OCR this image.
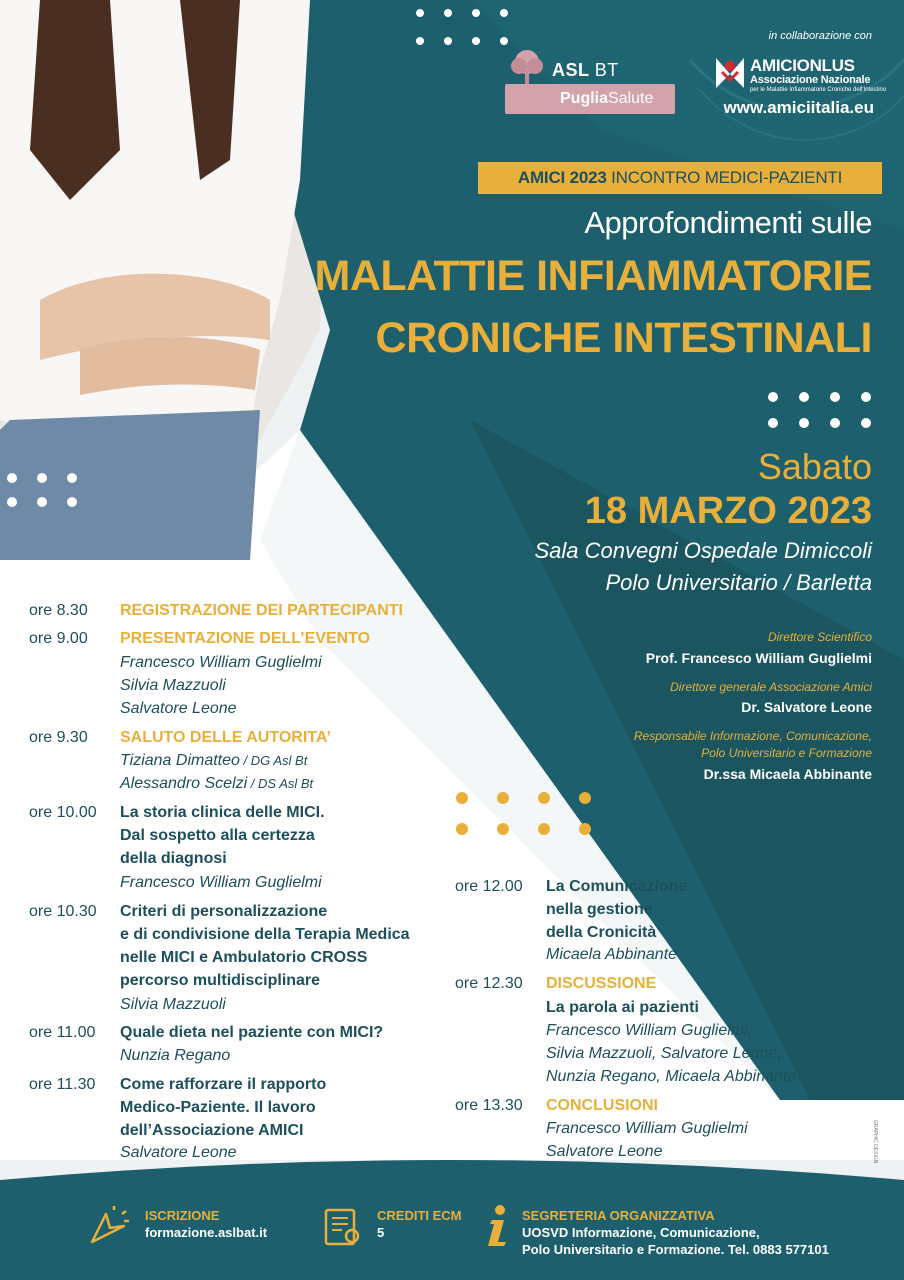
in collaborazione con
ASL BT
PugliaSalute
AMICIONLUS
Associazione Nazionale
per le Malattie Infiammatorie Croniche dell'Intestino
www.amiciitalia.eu
AMICI 2023 INCONTRO MEDICI-PAZIENTI
Approfondimenti sulle
MALATTIE INFIAMMATORIE
CRONICHE INTESTINALI
Sabato
18 MARZO 2023
Sala Convegni Ospedale Dimiccoli
Polo Universitario / Barletta
Direttore Scientifico
Prof. Francesco William Guglielmi
Direttore generale Associazione Amici
Dr. Salvatore Leone
Responsabile Informazione, Comunicazione,
Polo Universitario e Formazione
Dr.ssa Micaela Abbinante
ore 8.30 REGISTRAZIONE DEI PARTECIPANTI
ore 9.00 PRESENTAZIONE DELL’EVENTO
Francesco William Guglielmi
Silvia Mazzuoli
Salvatore Leone
ore 9.30 SALUTO DELLE AUTORITA’
Tiziana Dimatteo / DG Asl Bt
Alessandro Scelzi / DS Asl Bt
ore 10.00 La storia clinica delle MICI.
Dal sospetto alla certezza
della diagnosi
Francesco William Guglielmi
ore 10.30 Criteri di personalizzazione
e di condivisione della Terapia Medica
nelle MICI e Ambulatorio CROSS
percorso multidisciplinare
Silvia Mazzuoli
ore 11.00 Quale dieta nel paziente con MICI?
Nunzia Regano
ore 11.30 Come rafforzare il rapporto
Medico-Paziente. Il lavoro
dell’Associazione AMICI
Salvatore Leone
ore 12.00 La Comunicazione
nella gestione
della Cronicità
Micaela Abbinante
ore 12.30 DISCUSSIONE
La parola ai pazienti
Francesco William Guglielmi,
Silvia Mazzuoli, Salvatore Leone,
Nunzia Regano, Micaela Abbinante
ore 13.30 CONCLUSIONI
Francesco William Guglielmi
Salvatore Leone	GRAPHIC DESIGN
ISCRIZIONE
formazione.aslbat.it
CREDITI ECM
5
SEGRETERIA ORGANIZZATIVA
UOSVD Informazione, Comunicazione,
Polo Universitario e Formazione. Tel. 0883 577101
